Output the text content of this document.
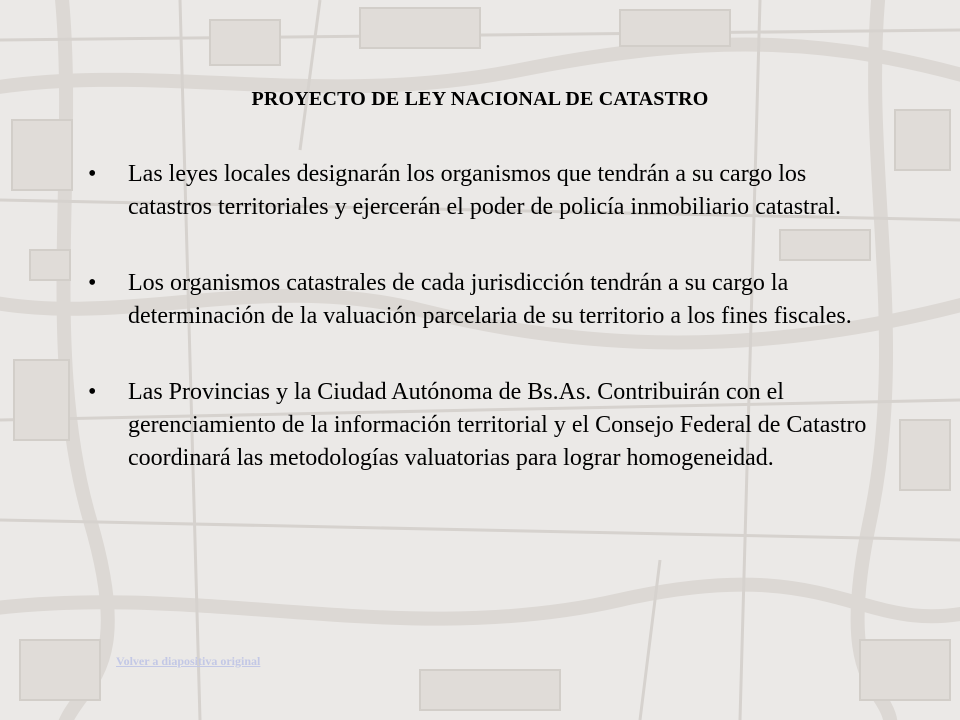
PROYECTO DE LEY NACIONAL DE CATASTRO
• Las leyes locales designarán los organismos que tendrán a su cargo los catastros territoriales y ejercerán el poder de policía inmobiliario catastral.
• Los organismos catastrales de cada jurisdicción tendrán a su cargo la determinación de la valuación parcelaria de su territorio a los fines fiscales.
• Las Provincias y la Ciudad Autónoma de Bs.As. Contribuirán con el gerenciamiento de la información territorial y el Consejo Federal de Catastro coordinará las metodologías valuatorias para lograr homogeneidad.
Volver a diapositiva original
